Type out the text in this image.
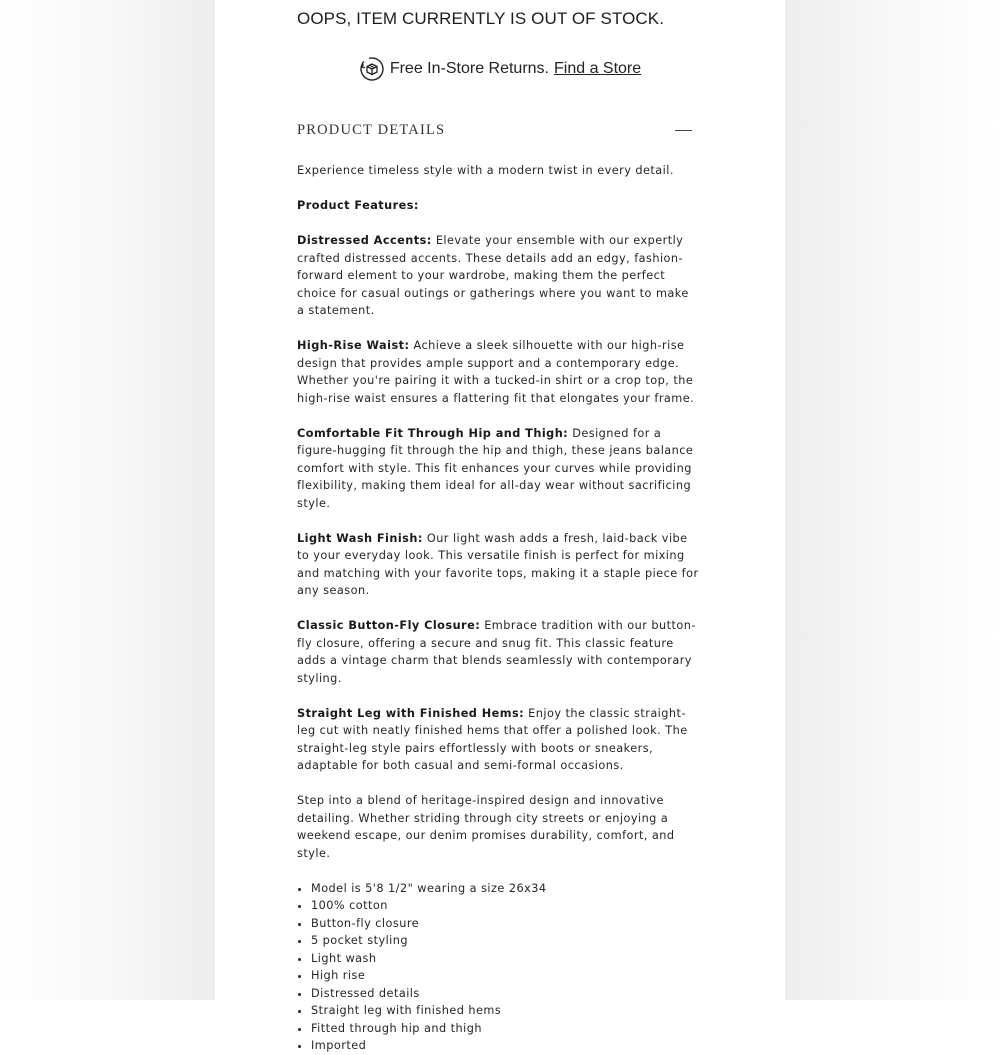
OOPS, ITEM CURRENTLY IS OUT OF STOCK.
Free In-Store Returns. Find a Store
PRODUCT DETAILS

Experience timeless style with a modern twist in every detail.

Product Features:

Distressed Accents: Elevate your ensemble with our expertly crafted distressed accents. These details add an edgy, fashion-forward element to your wardrobe, making them the perfect choice for casual outings or gatherings where you want to make a statement.

High-Rise Waist: Achieve a sleek silhouette with our high-rise design that provides ample support and a contemporary edge. Whether you're pairing it with a tucked-in shirt or a crop top, the high-rise waist ensures a flattering fit that elongates your frame.

Comfortable Fit Through Hip and Thigh: Designed for a figure-hugging fit through the hip and thigh, these jeans balance comfort with style. This fit enhances your curves while providing flexibility, making them ideal for all-day wear without sacrificing style.

Light Wash Finish: Our light wash adds a fresh, laid-back vibe to your everyday look. This versatile finish is perfect for mixing and matching with your favorite tops, making it a staple piece for any season.

Classic Button-Fly Closure: Embrace tradition with our button-fly closure, offering a secure and snug fit. This classic feature adds a vintage charm that blends seamlessly with contemporary styling.

Straight Leg with Finished Hems: Enjoy the classic straight-leg cut with neatly finished hems that offer a polished look. The straight-leg style pairs effortlessly with boots or sneakers, adaptable for both casual and semi-formal occasions.

Step into a blend of heritage-inspired design and innovative detailing. Whether striding through city streets or enjoying a weekend escape, our denim promises durability, comfort, and style.

• Model is 5'8 1/2" wearing a size 26x34
• 100% cotton
• Button-fly closure
• 5 pocket styling
• Light wash
• High rise
• Distressed details
• Straight leg with finished hems
• Fitted through hip and thigh
• Imported
